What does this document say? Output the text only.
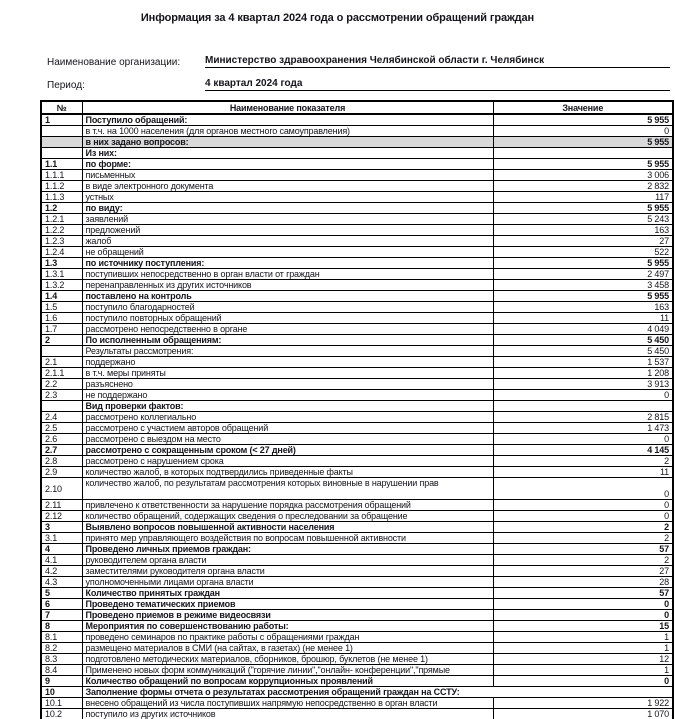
Информация за 4 квартал 2024 года о рассмотрении обращений граждан
Наименование организации:	Министерство здравоохранения Челябинской области г. Челябинск
Период:	4 квартал 2024 года
№	Наименование показателя	Значение
1	Поступило обращений:	5 955
	в т.ч. на 1000 населения (для органов местного самоуправления)	0
	в них задано вопросов:	5 955
	Из них:	
1.1	по форме:	5 955
1.1.1	письменных	3 006
1.1.2	в виде электронного документа	2 832
1.1.3	устных	117
1.2	по виду:	5 955
1.2.1	заявлений	5 243
1.2.2	предложений	163
1.2.3	жалоб	27
1.2.4	не обращений	522
1.3	по источнику поступления:	5 955
1.3.1	поступивших непосредственно в орган власти от граждан	2 497
1.3.2	перенаправленных из других источников	3 458
1.4	поставлено на контроль	5 955
1.5	поступило благодарностей	163
1.6	поступило повторных обращений	11
1.7	рассмотрено непосредственно в органе	4 049
2	По исполненным обращениям:	5 450
	Результаты рассмотрения:	5 450
2.1	поддержано	1 537
2.1.1	в т.ч. меры приняты	1 208
2.2	разъяснено	3 913
2.3	не поддержано	0
	Вид проверки фактов:	
2.4	рассмотрено коллегиально	2 815
2.5	рассмотрено с участием авторов обращений	1 473
2.6	рассмотрено с выездом на место	0
2.7	рассмотрено с сокращенным сроком (< 27 дней)	4 145
2.8	рассмотрено с нарушением срока	2
2.9	количество жалоб, в которых подтвердились приведенные факты	11
2.10	количество жалоб, по результатам рассмотрения которых виновные в нарушении прав	0
2.11	привлечено к ответственности за нарушение порядка рассмотрения обращений	0
2.12	количество обращений, содержащих сведения о преследовании за обращение	0
3	Выявлено вопросов повышенной активности населения	2
3.1	принято мер управляющего воздействия по вопросам повышенной активности	2
4	Проведено личных приемов граждан:	57
4.1	руководителем органа власти	2
4.2	заместителями руководителя органа власти	27
4.3	уполномоченными лицами органа власти	28
5	Количество принятых граждан	57
6	Проведено тематических приемов	0
7	Проведено приемов в режиме видеосвязи	0
8	Мероприятия по совершенствованию работы:	15
8.1	проведено семинаров по практике работы с обращениями граждан	1
8.2	размещено материалов в СМИ (на сайтах, в газетах) (не менее 1)	1
8.3	подготовлено методических материалов, сборников, брошюр, буклетов (не менее 1)	12
8.4	Применено новых форм коммуникаций ("горячие линии","онлайн- конференции","прямые	1
9	Количество обращений по вопросам коррупционных проявлений	0
10	Заполнение формы отчета о результатах рассмотрения обращений граждан на ССТУ:	
10.1	внесено обращений из числа поступивших напрямую непосредственно в орган власти	1 922
10.2	поступило из других источников	1 070
